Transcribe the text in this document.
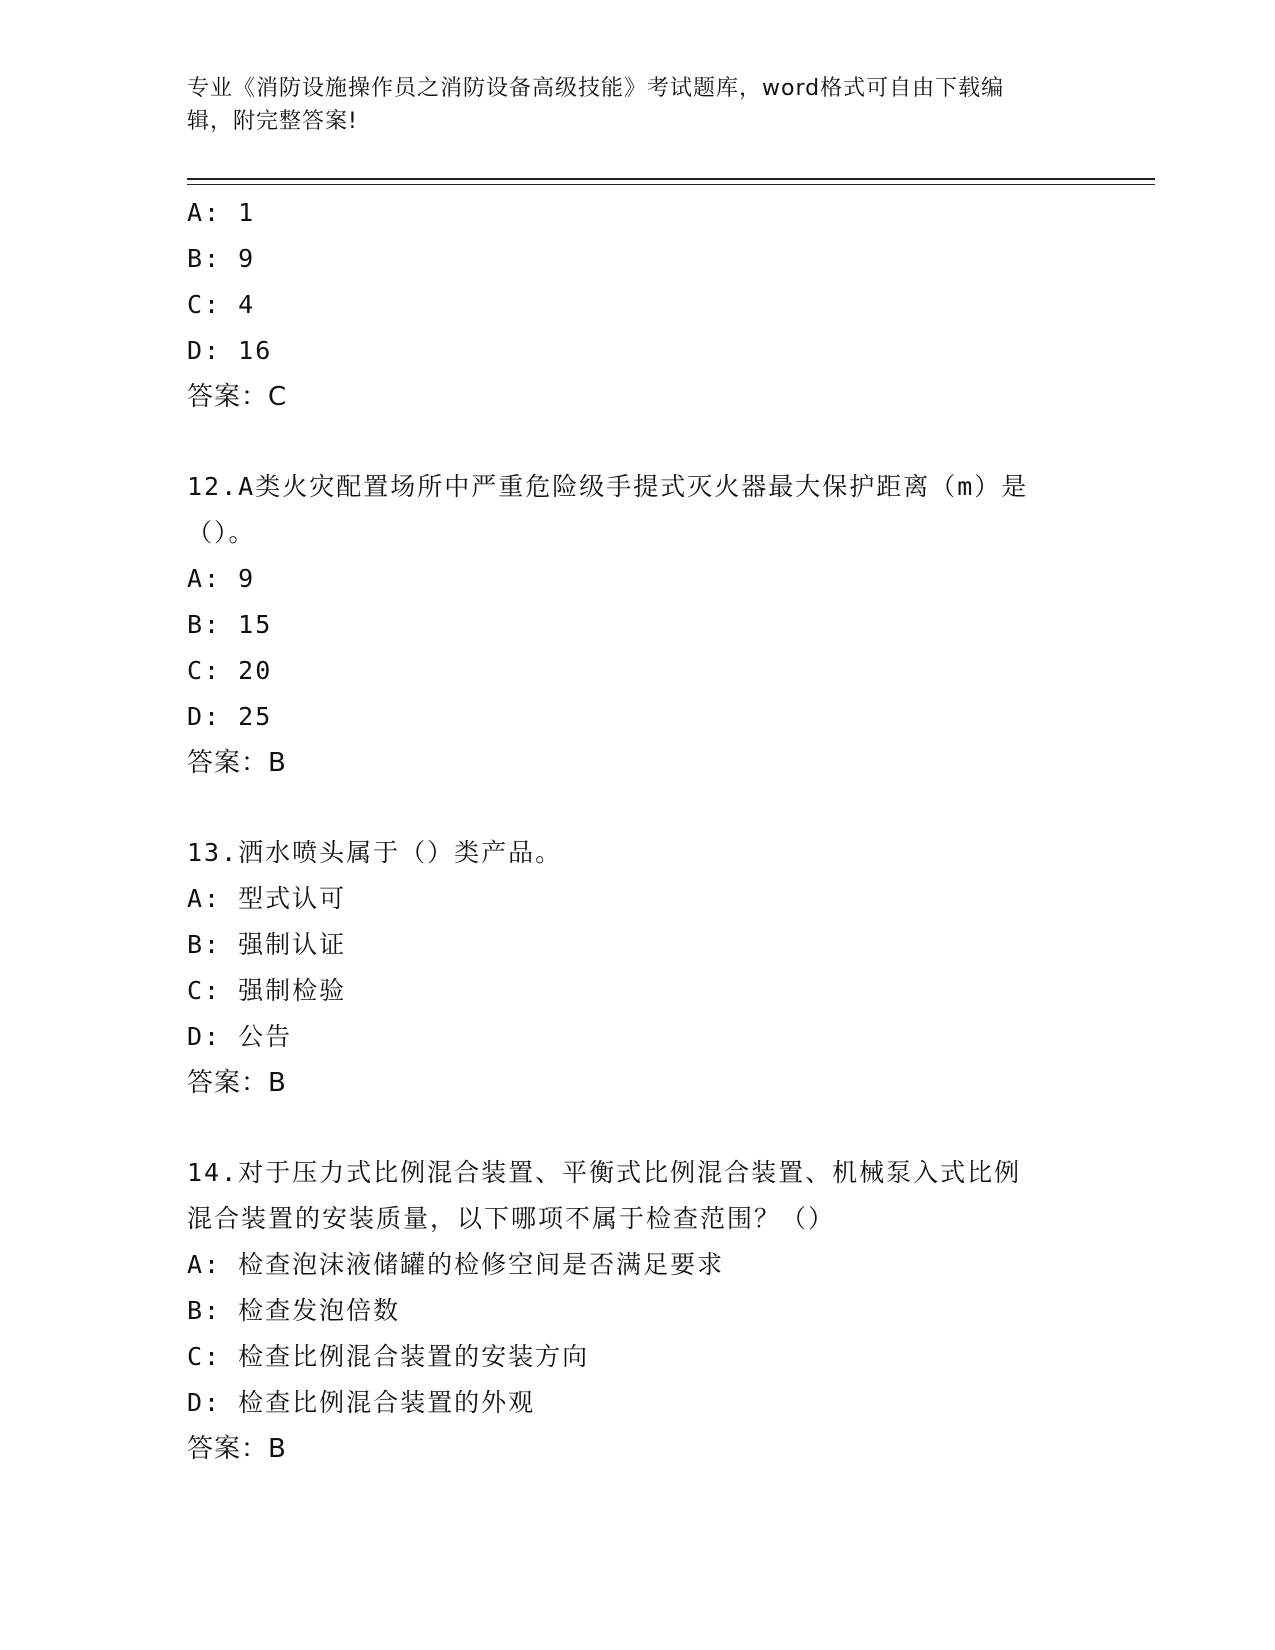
专业《消防设施操作员之消防设备高级技能》考试题库，word格式可自由下载编
辑，附完整答案!
A: 1
B: 9
C: 4
D: 16
答案：C
12.A类火灾配置场所中严重危险级手提式灭火器最大保护距离（m）是
（）。
A: 9
B: 15
C: 20
D: 25
答案：B
13.洒水喷头属于（）类产品。
A: 型式认可
B: 强制认证
C: 强制检验
D: 公告
答案：B
14.对于压力式比例混合装置、平衡式比例混合装置、机械泵入式比例
混合装置的安装质量，以下哪项不属于检查范围？（）
A: 检查泡沫液储罐的检修空间是否满足要求
B: 检查发泡倍数
C: 检查比例混合装置的安装方向
D: 检查比例混合装置的外观
答案：B
